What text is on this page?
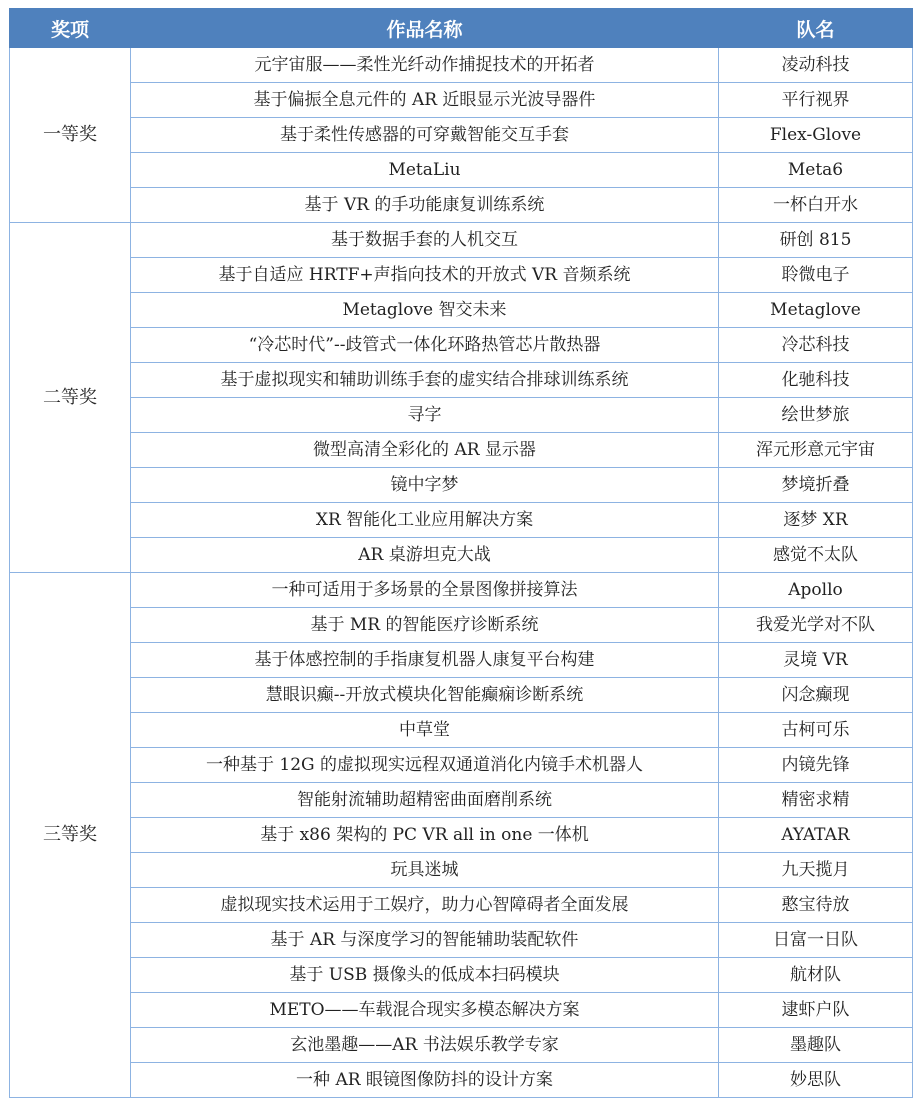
奖项	作品名称	队名
一等奖	元宇宙服——柔性光纤动作捕捉技术的开拓者	凌动科技
	基于偏振全息元件的 AR 近眼显示光波导器件	平行视界
	基于柔性传感器的可穿戴智能交互手套	Flex-Glove
	MetaLiu	Meta6
	基于 VR 的手功能康复训练系统	一杯白开水
二等奖	基于数据手套的人机交互	研创 815
	基于自适应 HRTF+声指向技术的开放式 VR 音频系统	聆微电子
	Metaglove 智交未来	Metaglove
	“冷芯时代”--歧管式一体化环路热管芯片散热器	冷芯科技
	基于虚拟现实和辅助训练手套的虚实结合排球训练系统	化驰科技
	寻字	绘世梦旅
	微型高清全彩化的 AR 显示器	浑元形意元宇宙
	镜中字梦	梦境折叠
	XR 智能化工业应用解决方案	逐梦 XR
	AR 桌游坦克大战	感觉不太队
三等奖	一种可适用于多场景的全景图像拼接算法	Apollo
	基于 MR 的智能医疗诊断系统	我爱光学对不队
	基于体感控制的手指康复机器人康复平台构建	灵境 VR
	慧眼识癫--开放式模块化智能癫痫诊断系统	闪念癫现
	中草堂	古柯可乐
	一种基于 12G 的虚拟现实远程双通道消化内镜手术机器人	内镜先锋
	智能射流辅助超精密曲面磨削系统	精密求精
	基于 x86 架构的 PC VR all in one 一体机	AYATAR
	玩具迷城	九天揽月
	虚拟现实技术运用于工娱疗，助力心智障碍者全面发展	憨宝待放
	基于 AR 与深度学习的智能辅助装配软件	日富一日队
	基于 USB 摄像头的低成本扫码模块	航材队
	METO——车载混合现实多模态解决方案	逮虾户队
	玄池墨趣——AR 书法娱乐教学专家	墨趣队
	一种 AR 眼镜图像防抖的设计方案	妙思队
